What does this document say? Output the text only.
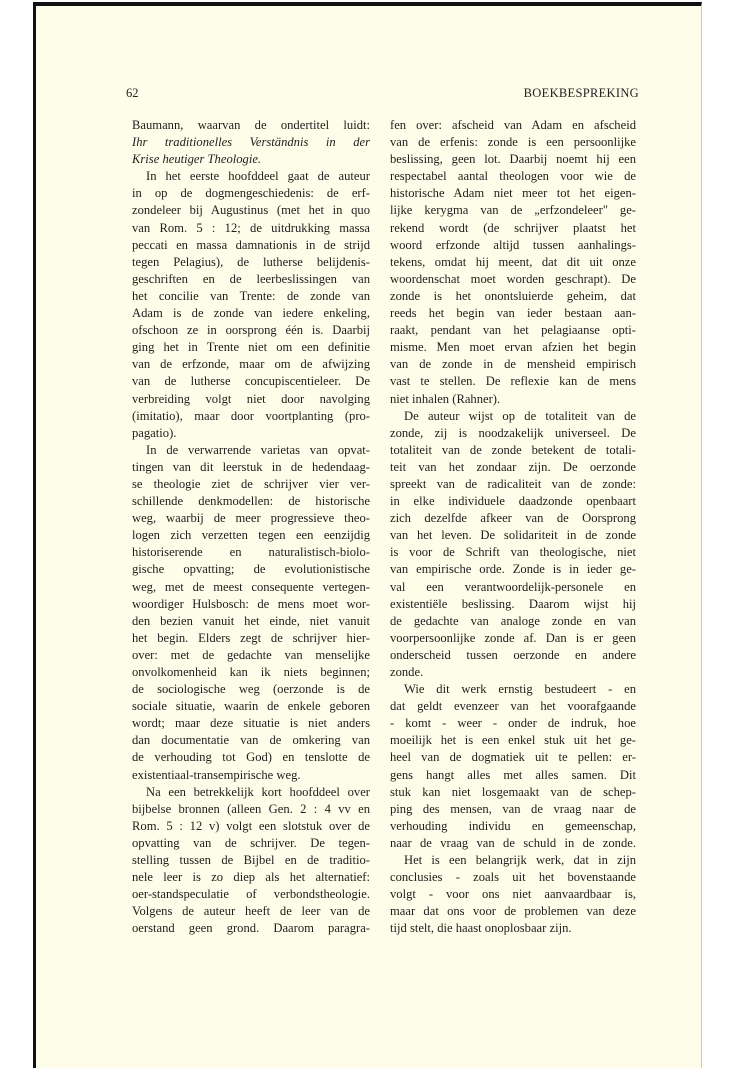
62	BOEKBESPREKING
Baumann, waarvan de ondertitel luidt:
Ihr traditionelles Verständnis in der
Krise heutiger Theologie.
In het eerste hoofddeel gaat de auteur
in op de dogmengeschiedenis: de erf-
zondeleer bij Augustinus (met het in quo
van Rom. 5 : 12; de uitdrukking massa
peccati en massa damnationis in de strijd
tegen Pelagius), de lutherse belijdenis-
geschriften en de leerbeslissingen van
het concilie van Trente: de zonde van
Adam is de zonde van iedere enkeling,
ofschoon ze in oorsprong één is. Daarbij
ging het in Trente niet om een definitie
van de erfzonde, maar om de afwijzing
van de lutherse concupiscentieleer. De
verbreiding volgt niet door navolging
(imitatio), maar door voortplanting (pro-
pagatio).
In de verwarrende varietas van opvat-
tingen van dit leerstuk in de hedendaag-
se theologie ziet de schrijver vier ver-
schillende denkmodellen: de historische
weg, waarbij de meer progressieve theo-
logen zich verzetten tegen een eenzijdig
historiserende en naturalistisch-biolo-
gische opvatting; de evolutionistische
weg, met de meest consequente vertegen-
woordiger Hulsbosch: de mens moet wor-
den bezien vanuit het einde, niet vanuit
het begin. Elders zegt de schrijver hier-
over: met de gedachte van menselijke
onvolkomenheid kan ik niets beginnen;
de sociologische weg (oerzonde is de
sociale situatie, waarin de enkele geboren
wordt; maar deze situatie is niet anders
dan documentatie van de omkering van
de verhouding tot God) en tenslotte de
existentiaal-transempirische weg.
Na een betrekkelijk kort hoofddeel over
bijbelse bronnen (alleen Gen. 2 : 4 vv en
Rom. 5 : 12 v) volgt een slotstuk over de
opvatting van de schrijver. De tegen-
stelling tussen de Bijbel en de traditio-
nele leer is zo diep als het alternatief:
oer-standspeculatie of verbondstheologie.
Volgens de auteur heeft de leer van de
oerstand geen grond. Daarom paragra-
fen over: afscheid van Adam en afscheid
van de erfenis: zonde is een persoonlijke
beslissing, geen lot. Daarbij noemt hij een
respectabel aantal theologen voor wie de
historische Adam niet meer tot het eigen-
lijke kerygma van de „erfzondeleer" ge-
rekend wordt (de schrijver plaatst het
woord erfzonde altijd tussen aanhalings-
tekens, omdat hij meent, dat dit uit onze
woordenschat moet worden geschrapt). De
zonde is het onontsluierde geheim, dat
reeds het begin van ieder bestaan aan-
raakt, pendant van het pelagiaanse opti-
misme. Men moet ervan afzien het begin
van de zonde in de mensheid empirisch
vast te stellen. De reflexie kan de mens
niet inhalen (Rahner).
De auteur wijst op de totaliteit van de
zonde, zij is noodzakelijk universeel. De
totaliteit van de zonde betekent de totali-
teit van het zondaar zijn. De oerzonde
spreekt van de radicaliteit van de zonde:
in elke individuele daadzonde openbaart
zich dezelfde afkeer van de Oorsprong
van het leven. De solidariteit in de zonde
is voor de Schrift van theologische, niet
van empirische orde. Zonde is in ieder ge-
val een verantwoordelijk-personele en
existentiële beslissing. Daarom wijst hij
de gedachte van analoge zonde en van
voorpersoonlijke zonde af. Dan is er geen
onderscheid tussen oerzonde en andere
zonde.
Wie dit werk ernstig bestudeert - en
dat geldt evenzeer van het voorafgaande
- komt - weer - onder de indruk, hoe
moeilijk het is een enkel stuk uit het ge-
heel van de dogmatiek uit te pellen: er-
gens hangt alles met alles samen. Dit
stuk kan niet losgemaakt van de schep-
ping des mensen, van de vraag naar de
verhouding individu en gemeenschap,
naar de vraag van de schuld in de zonde.
Het is een belangrijk werk, dat in zijn
conclusies - zoals uit het bovenstaande
volgt - voor ons niet aanvaardbaar is,
maar dat ons voor de problemen van deze
tijd stelt, die haast onoplosbaar zijn.
